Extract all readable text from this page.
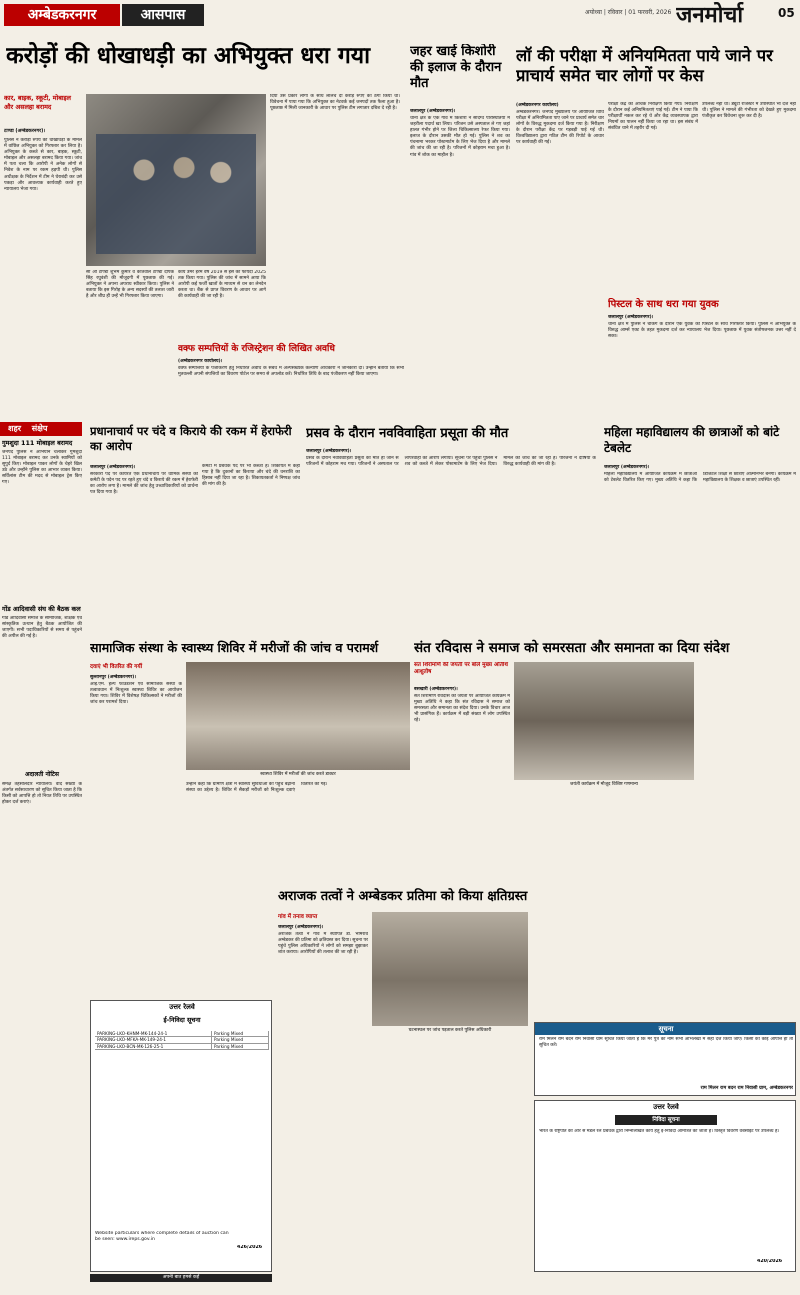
अम्बेडकरनगर	आसपास	अयोध्या | रविवार | 01 फरवरी, 2026 जनमोर्चा	05
करोड़ों की धोखाधड़ी का अभियुक्त धरा गया
कार, बाइक, स्कूटी, मोबाइल
और असलहा बरामद
टाण्डा (अम्बेडकरनगर)।
पुलिस ने करोड़ों रुपये की धोखाधड़ी के मामले में वांछित अभियुक्त को गिरफ्तार कर लिया है। अभियुक्त के कब्जे से कार, बाइक, स्कूटी, मोबाइल और असलहा बरामद किया गया। जांच में पता चला कि आरोपी ने अनेक लोगों से निवेश के नाम पर रकम हड़पी थी। पुलिस अधीक्षक के निर्देशन में टीम ने घेराबंदी कर उसे पकड़ा और आवश्यक कार्यवाही करते हुए न्यायालय भेजा गया।
सी ओ टाण्डा शुभम कुमार व कोतवाल टाण्डा दीपक सिंह रघुवंशी की मौजूदगी में पूछताछ की गई। अभियुक्त ने अपना अपराध स्वीकार किया। पुलिस ने बताया कि इस गिरोह के अन्य सदस्यों की तलाश जारी है और शीघ्र ही उन्हें भी गिरफ्तार किया जाएगा।
कार्य उमर इरम वर्ष 2019 से इस का फायदा 2025 तक किया गया। पुलिस की जांच में सामने आया कि आरोपी कई फर्जी खातों के माध्यम से धन का लेनदेन करता था। बैंक से प्राप्त विवरण के आधार पर आगे की कार्यवाही की जा रही है।
दिया उस प्रकार लोगों के साथ लालच दी करोड़ रुपए का ठगा किया था। विवेचना में पाया गया कि अभियुक्त का नेटवर्क कई जनपदों तक फैला हुआ है। पूछताछ में मिली जानकारी के आधार पर पुलिस टीम लगातार दबिश दे रही है।
वक्फ सम्पत्तियों के रजिस्ट्रेशन की लिखित अवधि
(अम्बेडकरनगर कार्यालय)।
वक्फ सम्पत्तियों के पंजीकरण हेतु निर्धारित अवधि के संबंध में अल्पसंख्यक कल्याण अधिकारी ने जानकारी दी। उन्होंने बताया कि सभी मुतवल्ली अपनी संपत्तियों का विवरण पोर्टल पर समय से अपलोड करें। निर्धारित तिथि के बाद पंजीकरण नहीं किया जाएगा।
जहर खाई किशोरी की इलाज के दौरान मौत
जलालपुर (अम्बेडकरनगर)।
थाना क्षेत्र के एक गांव में किशोरी ने संदिग्ध परिस्थितियों में जहरीला पदार्थ खा लिया। परिजन उसे अस्पताल ले गए जहां हालत गंभीर होने पर जिला चिकित्सालय रेफर किया गया। इलाज के दौरान उसकी मौत हो गई। पुलिस ने शव का पंचनामा भरकर पोस्टमार्टम के लिए भेज दिया है और मामले की जांच की जा रही है। परिजनों में कोहराम मचा हुआ है। गांव में शोक का माहौल है।
लॉ की परीक्षा में अनियमितता पाये जाने पर प्राचार्य समेत चार लोगों पर केस
(अम्बेडकरनगर कार्यालय)
अम्बेडकरनगर। जनपद मुख्यालय पर आयोजित विधि परीक्षा में अनियमितता पाए जाने पर प्राचार्य समेत चार लोगों के विरुद्ध मुकदमा दर्ज किया गया है। निरीक्षण के दौरान परीक्षा केंद्र पर गड़बड़ी पाई गई थी। विश्वविद्यालय द्वारा गठित टीम की रिपोर्ट के आधार पर कार्यवाही की गई।
परीक्षा केंद्र का औचक निरीक्षण किया गया। निरीक्षण के दौरान कई अनियमितताएं पाई गईं। टीम ने पाया कि परीक्षार्थी नकल कर रहे थे और केंद्र व्यवस्थापक द्वारा नियमों का पालन नहीं किया जा रहा था। इस संबंध में संबंधित थाने में तहरीर दी गई।
उपलब्ध नहीं था। ड्यूटी रजिस्टर में उपस्थिति भी दर्ज नहीं थी। पुलिस ने मामले की गंभीरता को देखते हुए मुकदमा पंजीकृत कर विवेचना शुरू कर दी है।
पिस्टल के साथ धरा गया युवक
जलालपुर (अम्बेडकरनगर)।
थाना क्षेत्र में पुलिस ने चेकिंग के दौरान एक युवक को पिस्टल के साथ गिरफ्तार किया। पुलिस ने अभियुक्त के विरुद्ध आर्म्स एक्ट के तहत मुकदमा दर्ज कर न्यायालय भेज दिया। पूछताछ में युवक संतोषजनक उत्तर नहीं दे सका।
शहर संक्षेप
गुमशुदा 111 मोबाइल बरामद
जनपद पुलिस ने अभियान चलाकर गुमशुदा 111 मोबाइल बरामद कर उनके स्वामियों को सुपुर्द किए। मोबाइल पाकर लोगों के चेहरे खिल उठे और उन्होंने पुलिस का आभार व्यक्त किया। सर्विलांस टीम की मदद से मोबाइल ट्रेस किए गए।
गोंड आदिवासी संघ की बैठक कल
गोंड आदिवासी समाज के सामाजिक, शैक्षिक एवं सांस्कृतिक उत्थान हेतु बैठक आयोजित की जाएगी। सभी पदाधिकारियों से समय से पहुंचने की अपील की गई है।
अदालती नोटिस
समक्ष तहसीलदार न्यायालय। वाद संख्या के अंतर्गत सर्वसाधारण को सूचित किया जाता है कि किसी को आपत्ति हो तो नियत तिथि पर उपस्थित होकर दर्ज कराएं।
प्रधानाचार्य पर चंदे व किराये की रकम में हेराफेरी का आरोप
जलालपुर (अम्बेडकरनगर)।
सरकारी पद पर कार्यरत एक प्रधानाचार्य पर धार्मिक संस्था की कमेटी के पदेन पद पर रहते हुए चंदे व किराये की रकम में हेराफेरी का आरोप लगा है। मामले की जांच हेतु उच्चाधिकारियों को प्रार्थना पत्र दिया गया है।
कमेटी में प्रबंधक पद पर भी कब्जा है। शिकायत में कहा गया है कि दुकानों का किराया और चंदे की धनराशि का हिसाब नहीं दिया जा रहा है। शिकायतकर्ता ने निष्पक्ष जांच की मांग की है।
प्रसव के दौरान नवविवाहिता प्रसूता की मौत
जलालपुर (अम्बेडकरनगर)।
प्रसव के दौरान नवविवाहिता प्रसूता की मौत हो जाने से परिजनों में कोहराम मच गया। परिजनों ने अस्पताल पर लापरवाही का आरोप लगाया। सूचना पर पहुंची पुलिस ने शव को कब्जे में लेकर पोस्टमार्टम के लिए भेज दिया। मामले की जांच की जा रही है। परिजनों ने दोषियों के विरुद्ध कार्यवाही की मांग की है।
महिला महाविद्यालय की छात्राओं को बांटे टेबलेट
जलालपुर (अम्बेडकरनगर)।
महिला महाविद्यालय में आयोजित कार्यक्रम में छात्राओं को टेबलेट वितरित किए गए। मुख्य अतिथि ने कहा कि डिजिटल शिक्षा से छात्राएं आत्मनिर्भर बनेंगी। कार्यक्रम में महाविद्यालय के शिक्षक व छात्राएं उपस्थित रहीं।
सामाजिक संस्था के स्वास्थ्य शिविर में मरीजों की जांच व परामर्श
दवाएं भी वितरित की गयीं
सुल्तानपुर (अम्बेडकरनगर)।
आई.एम. हेल्प फाउंडेशन एवं सामाजिक संस्था के तत्वावधान में निःशुल्क स्वास्थ्य शिविर का आयोजन किया गया। शिविर में विशेषज्ञ चिकित्सकों ने मरीजों की जांच कर परामर्श दिया।
स्वास्थ्य शिविर में मरीजों की जांच करते डाक्टर
उन्होंने कहा कि ग्रामीण क्षेत्रों में स्वास्थ्य सुविधाओं की पहुंच बढ़ाना संस्था का उद्देश्य है। शिविर में सैकड़ों मरीजों को निःशुल्क दवाएं वितरित की गईं।
संत रविदास ने समाज को समरसता और समानता का दिया संदेश
संत शिरोमणि की जयंती पर बोले मुख्य अतिथि आशुतोष
बसखारी (अम्बेडकरनगर)।
जयंती कार्यक्रम में मौजूद विशिष्ट गणमान्य
संत शिरोमणि रविदास की जयंती पर आयोजित कार्यक्रम में मुख्य अतिथि ने कहा कि संत रविदास ने समाज को समरसता और समानता का संदेश दिया। उनके विचार आज भी प्रासंगिक हैं। कार्यक्रम में बड़ी संख्या में लोग उपस्थित रहे।
अराजक तत्वों ने अम्बेडकर प्रतिमा को किया क्षतिग्रस्त
गांव में तनाव व्याप्त
जलालपुर (अम्बेडकरनगर)।
अराजक तत्वों ने गांव में स्थापित डॉ. भीमराव अम्बेडकर की प्रतिमा को क्षतिग्रस्त कर दिया। सूचना पर पहुंचे पुलिस अधिकारियों ने लोगों को समझा बुझाकर शांत कराया। आरोपियों की तलाश की जा रही है।
घटनास्थल पर जांच पड़ताल करते पुलिस अधिकारी
उत्तर रेलवे
ई-निविदा सूचना
PARKING-LKO-KHNM-MK-144-24-1	Parking Mixed
PARKING-LKO-MFKA-MK-149-24-1	Parking Mixed
PARKING-LKO-BCN-MK-126-25-1	Parking Mixed
Website particulars where complete details of auction can be seen: www.ireps.gov.in
426/2026
सूचना
राम मिलन राम बदन राम निवासी ग्राम सूचित किया जाता है कि मेरे पुत्र का नाम सभी अभिलेखों में सही दर्ज किया जाए। किसी को कोई आपत्ति हो तो सूचित करें।
राम मिलन राम बदन राम निवासी ग्राम, अम्बेडकरनगर
उत्तर रेलवे
निविदा सूचना
भारत के राष्ट्रपति की ओर से मंडल रेल प्रबंधक द्वारा निम्नलिखित कार्य हेतु ई-निविदा आमंत्रित की जाती है। विस्तृत विवरण वेबसाइट पर उपलब्ध है।
420/2026
अपनी बात हमसे कहें
